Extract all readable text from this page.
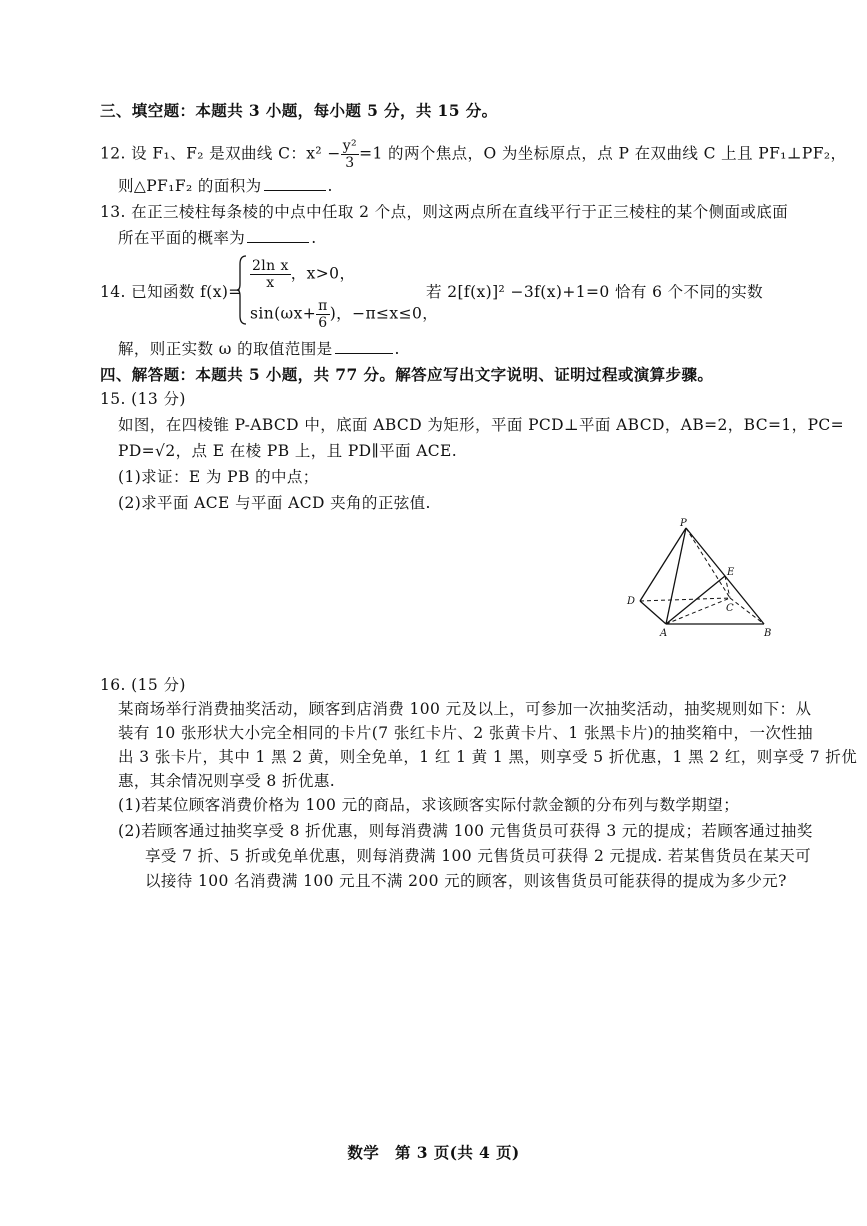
三、填空题：本题共 3 小题，每小题 5 分，共 15 分。
12. 设 F₁、F₂ 是双曲线 C：$x^2 - \frac{\text{y²}}{3} =1$ 的两个焦点，O 为坐标原点，点 P 在双曲线 C 上且 PF₁⊥PF₂，
则△PF₁F₂ 的面积为	.
13. 在正三棱柱每条棱的中点中任取 2 个点，则这两点所在直线平行于正三棱柱的某个侧面或底面
所在平面的概率为	.
14. 已知函数 f(x)=
$\frac{\text{2ln x}}{x}$ ，x>0，
$\sin(\omega x+ \frac{\pi}{6}$ )，−π≤x≤0，
若 2[f(x)]² −3f(x)+1=0 恰有 6 个不同的实数
解，则正实数 ω 的取值范围是	.
四、解答题：本题共 5 小题，共 77 分。解答应写出文字说明、证明过程或演算步骤。
15. (13 分)
如图，在四棱锥 P-ABCD 中，底面 ABCD 为矩形，平面 PCD⊥平面 ABCD，AB=2，BC=1，PC=
PD=√2，点 E 在棱 PB 上，且 PD∥平面 ACE.
(1)求证：E 为 PB 的中点；
(2)求平面 ACE 与平面 ACD 夹角的正弦值.
P
E
D
C
A	B
16. (15 分)
某商场举行消费抽奖活动，顾客到店消费 100 元及以上，可参加一次抽奖活动，抽奖规则如下：从
装有 10 张形状大小完全相同的卡片(7 张红卡片、2 张黄卡片、1 张黑卡片)的抽奖箱中，一次性抽
出 3 张卡片，其中 1 黑 2 黄，则全免单，1 红 1 黄 1 黑，则享受 5 折优惠，1 黑 2 红，则享受 7 折优
惠，其余情况则享受 8 折优惠.
(1)若某位顾客消费价格为 100 元的商品，求该顾客实际付款金额的分布列与数学期望；
(2)若顾客通过抽奖享受 8 折优惠，则每消费满 100 元售货员可获得 3 元的提成；若顾客通过抽奖
享受 7 折、5 折或免单优惠，则每消费满 100 元售货员可获得 2 元提成. 若某售货员在某天可
以接待 100 名消费满 100 元且不满 200 元的顾客，则该售货员可能获得的提成为多少元?
数学　第 3 页(共 4 页)
